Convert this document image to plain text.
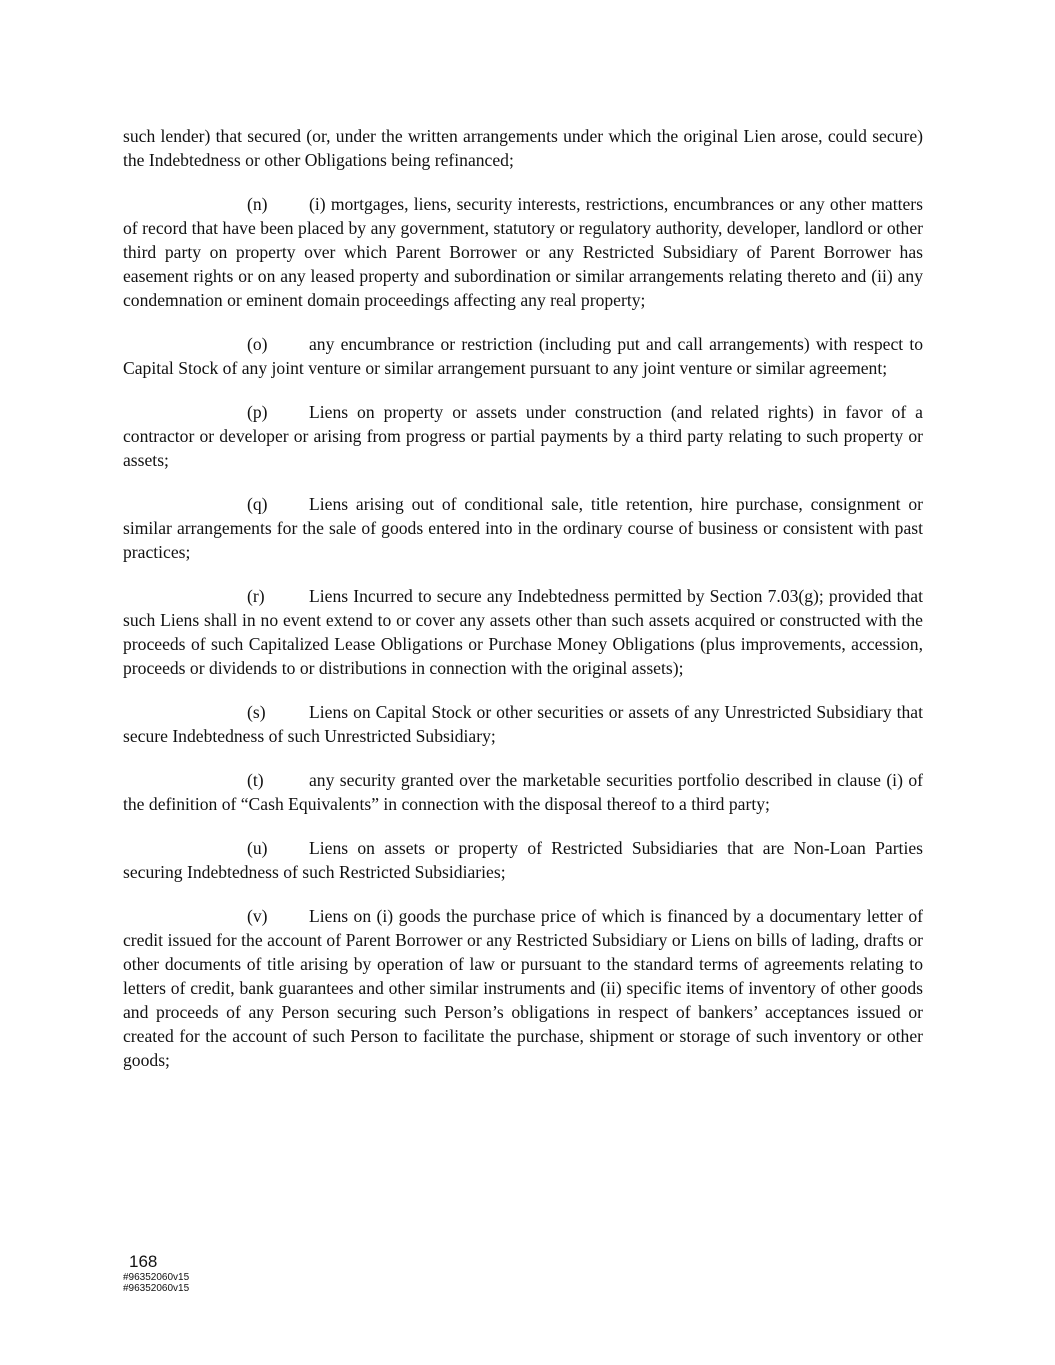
such lender) that secured (or, under the written arrangements under which the original Lien arose, could secure) the Indebtedness or other Obligations being refinanced;

(n) (i) mortgages, liens, security interests, restrictions, encumbrances or any other matters of record that have been placed by any government, statutory or regulatory authority, developer, landlord or other third party on property over which Parent Borrower or any Restricted Subsidiary of Parent Borrower has easement rights or on any leased property and subordination or similar arrangements relating thereto and (ii) any condemnation or eminent domain proceedings affecting any real property;

(o) any encumbrance or restriction (including put and call arrangements) with respect to Capital Stock of any joint venture or similar arrangement pursuant to any joint venture or similar agreement;

(p) Liens on property or assets under construction (and related rights) in favor of a contractor or developer or arising from progress or partial payments by a third party relating to such property or assets;

(q) Liens arising out of conditional sale, title retention, hire purchase, consignment or similar arrangements for the sale of goods entered into in the ordinary course of business or consistent with past practices;

(r)	Liens Incurred to secure any Indebtedness permitted by Section 7.03(g); provided that such Liens shall in no event extend to or cover any assets other than such assets acquired or constructed with the proceeds of such Capitalized Lease Obligations or Purchase Money Obligations (plus improvements, accession, proceeds or dividends to or distributions in connection with the original assets);

(s) Liens on Capital Stock or other securities or assets of any Unrestricted Subsidiary that secure Indebtedness of such Unrestricted Subsidiary;

(t)	any security granted over the marketable securities portfolio described in clause (i) of the definition of “Cash Equivalents” in connection with the disposal thereof to a third party;

(u) Liens on assets or property of Restricted Subsidiaries that are Non-Loan Parties securing Indebtedness of such Restricted Subsidiaries;

(v) Liens on (i) goods the purchase price of which is financed by a documentary letter of credit issued for the account of Parent Borrower or any Restricted Subsidiary or Liens on bills of lading, drafts or other documents of title arising by operation of law or pursuant to the standard terms of agreements relating to letters of credit, bank guarantees and other similar instruments and (ii) specific items of inventory of other goods and proceeds of any Person securing such Person’s obligations in respect of bankers’ acceptances issued or created for the account of such Person to facilitate the purchase, shipment or storage of such inventory or other goods;

168
#96352060v15
#96352060v15
